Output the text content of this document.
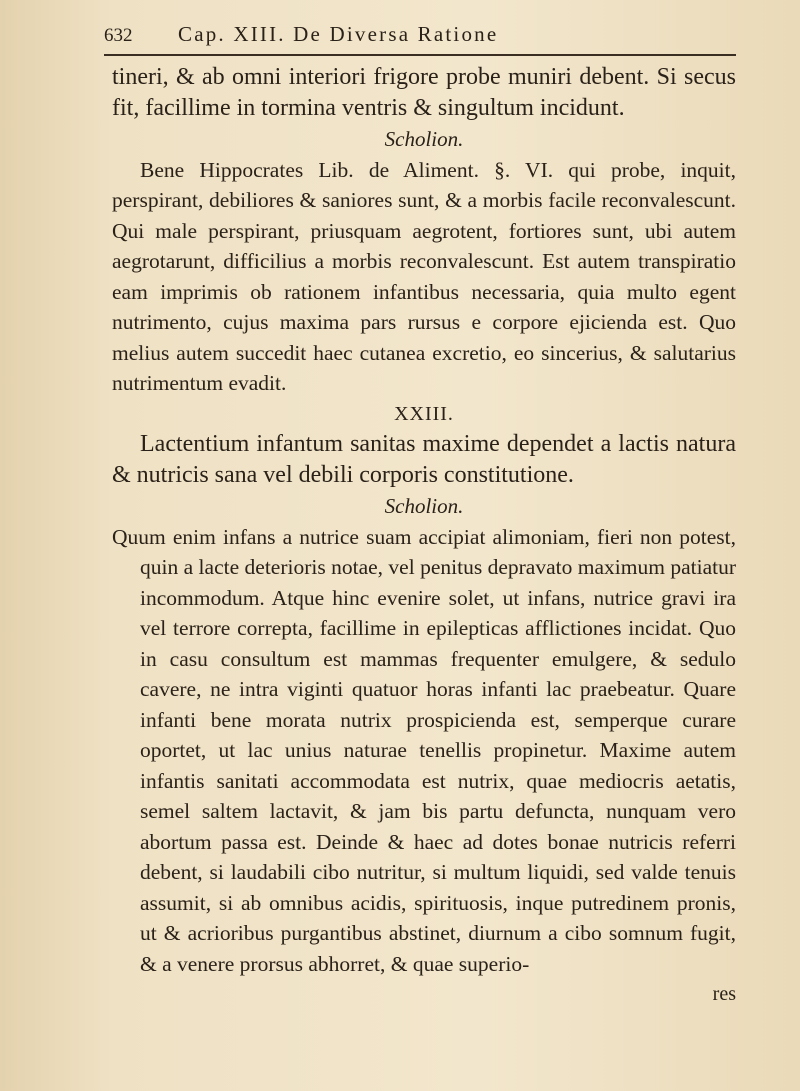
632	Cap. XIII. De Diversa Ratione

tineri, & ab omni interiori frigore probe muniri debent. Si secus fit, facillime in tormina ventris & singultum incidunt.

Scholion.

Bene Hippocrates Lib. de Aliment. §. VI. qui probe, inquit, perspirant, debiliores & saniores sunt, & a morbis facile reconvalescunt. Qui male perspirant, priusquam aegrotent, fortiores sunt, ubi autem aegrotarunt, difficilius a morbis reconvalescunt. Est autem transpiratio eam imprimis ob rationem infantibus necessaria, quia multo egent nutrimento, cujus maxima pars rursus e corpore ejicienda est. Quo melius autem succedit haec cutanea excretio, eo sincerius, & salutarius nutrimentum evadit.

XXIII.

Lactentium infantum sanitas maxime dependet a lactis natura & nutricis sana vel debili corporis constitutione.

Scholion.

Quum enim infans a nutrice suam accipiat alimoniam, fieri non potest, quin a lacte deterioris notae, vel penitus depravato maximum patiatur incommodum. Atque hinc evenire solet, ut infans, nutrice gravi ira vel terrore correpta, facillime in epilepticas afflictiones incidat. Quo in casu consultum est mammas frequenter emulgere, & sedulo cavere, ne intra viginti quatuor horas infanti lac praebeatur. Quare infanti bene morata nutrix prospicienda est, semperque curare oportet, ut lac unius naturae tenellis propinetur. Maxime autem infantis sanitati accommodata est nutrix, quae mediocris aetatis, semel saltem lactavit, & jam bis partu defuncta, nunquam vero abortum passa est. Deinde & haec ad dotes bonae nutricis referri debent, si laudabili cibo nutritur, si multum liquidi, sed valde tenuis assumit, si ab omnibus acidis, spirituosis, inque putredinem pronis, ut & acrioribus purgantibus abstinet, diurnum a cibo somnum fugit, & a venere prorsus abhorret, & quae superio-

res
